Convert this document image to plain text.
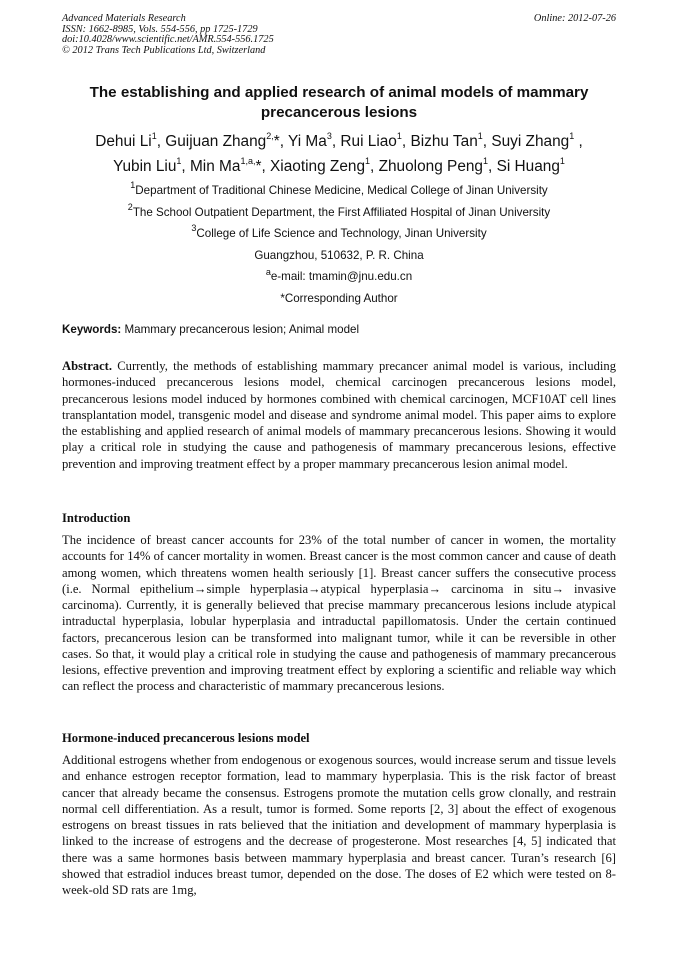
Advanced Materials Research
ISSN: 1662-8985, Vols. 554-556, pp 1725-1729
doi:10.4028/www.scientific.net/AMR.554-556.1725
© 2012 Trans Tech Publications Ltd, Switzerland
Online: 2012-07-26
The establishing and applied research of animal models of mammary
precancerous lesions
Dehui Li$^1$, Guijuan Zhang$^{2,}$*, Yi Ma$^3$, Rui Liao$^1$, Bizhu Tan$^1$, Suyi Zhang$^1$ ,
Yubin Liu$^1$, Min $Ma^{1,a,}*$, Xiaoting Zeng$^1$, Zhuolong Peng$^1$, Si Huang$^1$
$^1$Department of Traditional Chinese Medicine, Medical College of Jinan University
$^2$The School Outpatient Department, the First Affiliated Hospital of Jinan University
$^3$College of Life Science and Technology, Jinan University
Guangzhou, 510632, P. R. China
$^a$e-mail: tmamin@jnu.edu.cn
*Corresponding Author
Keywords: Mammary precancerous lesion; Animal model
Abstract. Currently, the methods of establishing mammary precancer animal model is various, including hormones-induced precancerous lesions model, chemical carcinogen precancerous lesions model, precancerous lesions model induced by hormones combined with chemical carcinogen, MCF10AT cell lines transplantation model, transgenic model and disease and syndrome animal model. This paper aims to explore the establishing and applied research of animal models of mammary precancerous lesions. Showing it would play a critical role in studying the cause and pathogenesis of mammary precancerous lesions, effective prevention and improving treatment effect by a proper mammary precancerous lesion animal model.
Introduction
The incidence of breast cancer accounts for 23% of the total number of cancer in women, the mortality accounts for 14% of cancer mortality in women. Breast cancer is the most common cancer and cause of death among women, which threatens women health seriously [1]. Breast cancer suffers the consecutive process (i.e. Normal epithelium→simple hyperplasia→atypical hyperplasia→ carcinoma in situ→ invasive carcinoma). Currently, it is generally believed that precise mammary precancerous lesions include atypical intraductal hyperplasia, lobular hyperplasia and intraductal papillomatosis. Under the certain continued factors, precancerous lesion can be transformed into malignant tumor, while it can be reversible in other cases. So that, it would play a critical role in studying the cause and pathogenesis of mammary precancerous lesions, effective prevention and improving treatment effect by exploring a scientific and reliable way which can reflect the process and characteristic of mammary precancerous lesions.
Hormone-induced precancerous lesions model
Additional estrogens whether from endogenous or exogenous sources, would increase serum and tissue levels and enhance estrogen receptor formation, lead to mammary hyperplasia. This is the risk factor of breast cancer that already became the consensus. Estrogens promote the mutation cells grow clonally, and restrain normal cell differentiation. As a result, tumor is formed. Some reports [2, 3] about the effect of exogenous estrogens on breast tissues in rats believed that the initiation and development of mammary hyperplasia is linked to the increase of estrogens and the decrease of progesterone. Most researches [4, 5] indicated that there was a same hormones basis between mammary hyperplasia and breast cancer. Turan’s research [6] showed that estradiol induces breast tumor, depended on the dose. The doses of E2 which were tested on 8-week-old SD rats are 1mg,
